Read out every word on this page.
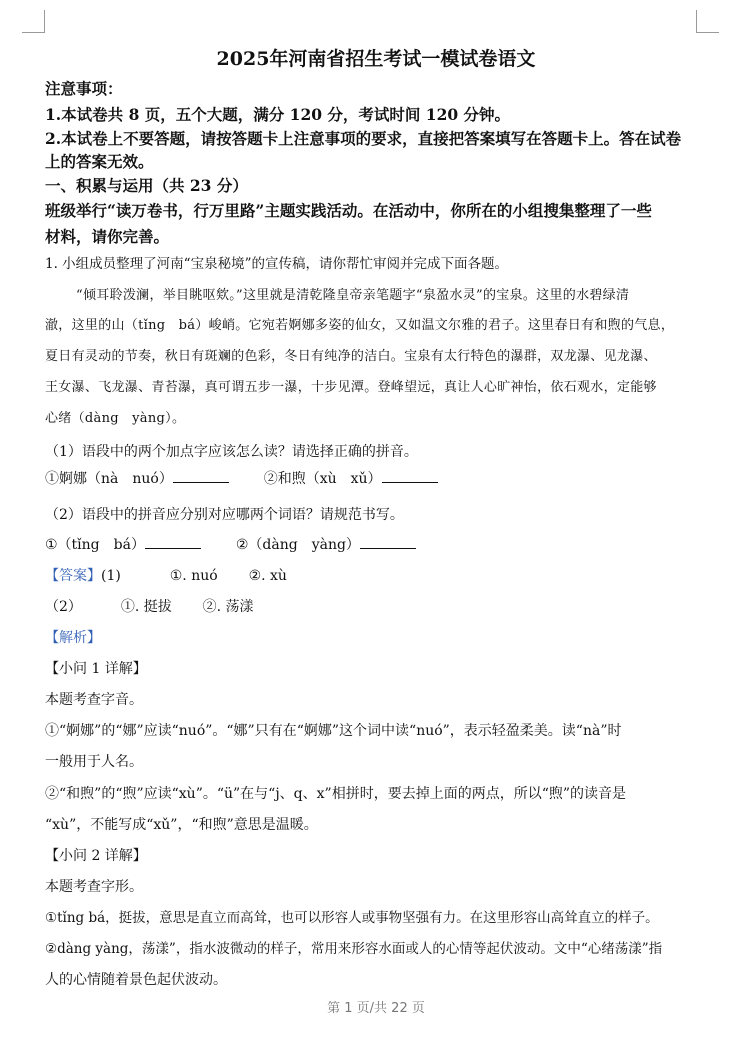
2025年河南省招生考试一模试卷语文
注意事项：
1.本试卷共 8 页，五个大题，满分 120 分，考试时间 120 分钟。
2.本试卷上不要答题，请按答题卡上注意事项的要求，直接把答案填写在答题卡上。答在试卷
上的答案无效。
一、积累与运用（共 23 分）
班级举行“读万卷书，行万里路”主题实践活动。在活动中，你所在的小组搜集整理了一些
材料，请你完善。
1. 小组成员整理了河南“宝泉秘境”的宣传稿，请你帮忙审阅并完成下面各题。
“倾耳聆泼澜，举目眺呕欸。”这里就是清乾隆皇帝亲笔题字“泉盈水灵”的宝泉。这里的水碧绿清
澈，这里的山（tǐng　bá）峻峭。它宛若婀娜多姿的仙女，又如温文尔雅的君子。这里春日有和煦的气息，
夏日有灵动的节奏，秋日有斑斓的色彩，冬日有纯净的洁白。宝泉有太行特色的瀑群，双龙瀑、见龙瀑、
王女瀑、飞龙瀑、青苔瀑，真可谓五步一瀑，十步见潭。登峰望远，真让人心旷神怡，依石观水，定能够
心绪（dàng　yàng）。
（1）语段中的两个加点字应该怎么读？请选择正确的拼音。
①婀娜（nà　nuó）	②和煦（xù　xǔ）
（2）语段中的拼音应分别对应哪两个词语？请规范书写。
①（tǐng　bá）	②（dàng　yàng）
【答案】(1)	①. nuó ②. xù
（2）	①. 挺拔 ②. 荡漾
【解析】
【小问 1 详解】
本题考查字音。
①“婀娜”的“娜”应读“nuó”。“娜”只有在“婀娜”这个词中读“nuó”，表示轻盈柔美。读“nà”时
一般用于人名。
②“和煦”的“煦”应读“xù”。“ü”在与“j、q、x”相拼时，要去掉上面的两点，所以“煦”的读音是
“xù”，不能写成“xǔ”，“和煦”意思是温暖。
【小问 2 详解】
本题考查字形。
①tǐng bá，挺拔，意思是直立而高耸，也可以形容人或事物坚强有力。在这里形容山高耸直立的样子。
②dàng yàng，荡漾”，指水波微动的样子，常用来形容水面或人的心情等起伏波动。文中“心绪荡漾”指
人的心情随着景色起伏波动。
第 1 页/共 22 页
